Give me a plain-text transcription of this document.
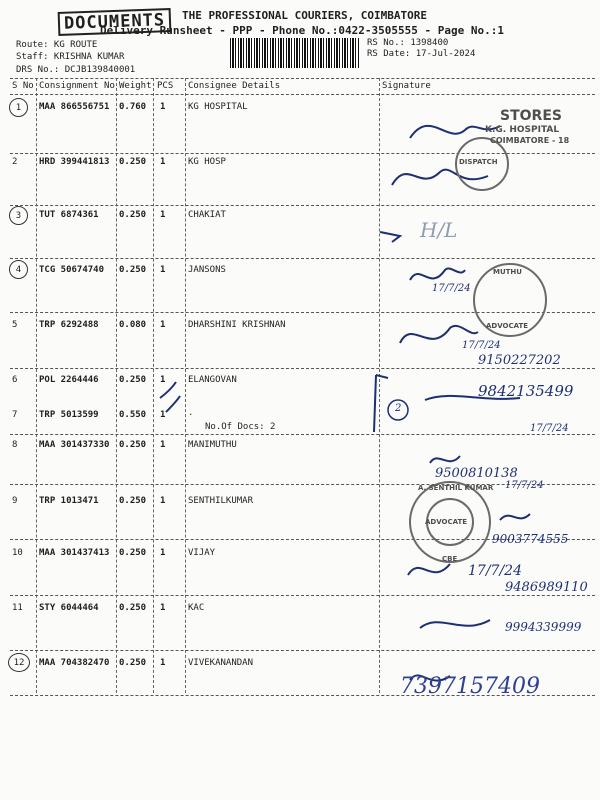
DOCUMENTS	THE PROFESSIONAL COURIERS, COIMBATORE
Delivery Runsheet - PPP - Phone No.:0422-3505555 - Page No.:1
Route: KG ROUTE
Staff: KRISHNA KUMAR
DRS No.: DCJB139840001
RS No.: 1398400
RS Date: 17-Jul-2024
S No Consignment No Weight PCS Consignee Details	Signature
1 MAA 866556751 0.760 1	KG HOSPITAL
2 HRD 399441813 0.250 1	KG HOSP
3 TUT 6874361 0.250 1	CHAKIAT
4 TCG 50674740 0.250 1	JANSONS
5 TRP 6292488 0.080 1	DHARSHINI KRISHNAN
6 POL 2264446 0.250 1	ELANGOVAN
7 TRP 5013599 0.550 1	.
No.Of Docs: 2
8 MAA 301437330 0.250 1	MANIMUTHU
9 TRP 1013471 0.250 1	SENTHILKUMAR
10 MAA 301437413 0.250 1	VIJAY
11 STY 6044464 0.250 1	KAC
12 MAA 704382470 0.250 1	VIVEKANANDAN
STORES
K.G. HOSPITAL
COIMBATORE - 18
DISPATCH
H/L
17/7/24
MUTHU
17/7/24
9150227202
ADVOCATE
2
9842135499
17/7/24
9500810138
17/7/24
A. SENTHIL KUMAR
ADVOCATE
CBE
9003774555
17/7/24
9486989110
9994339999
7397157409
